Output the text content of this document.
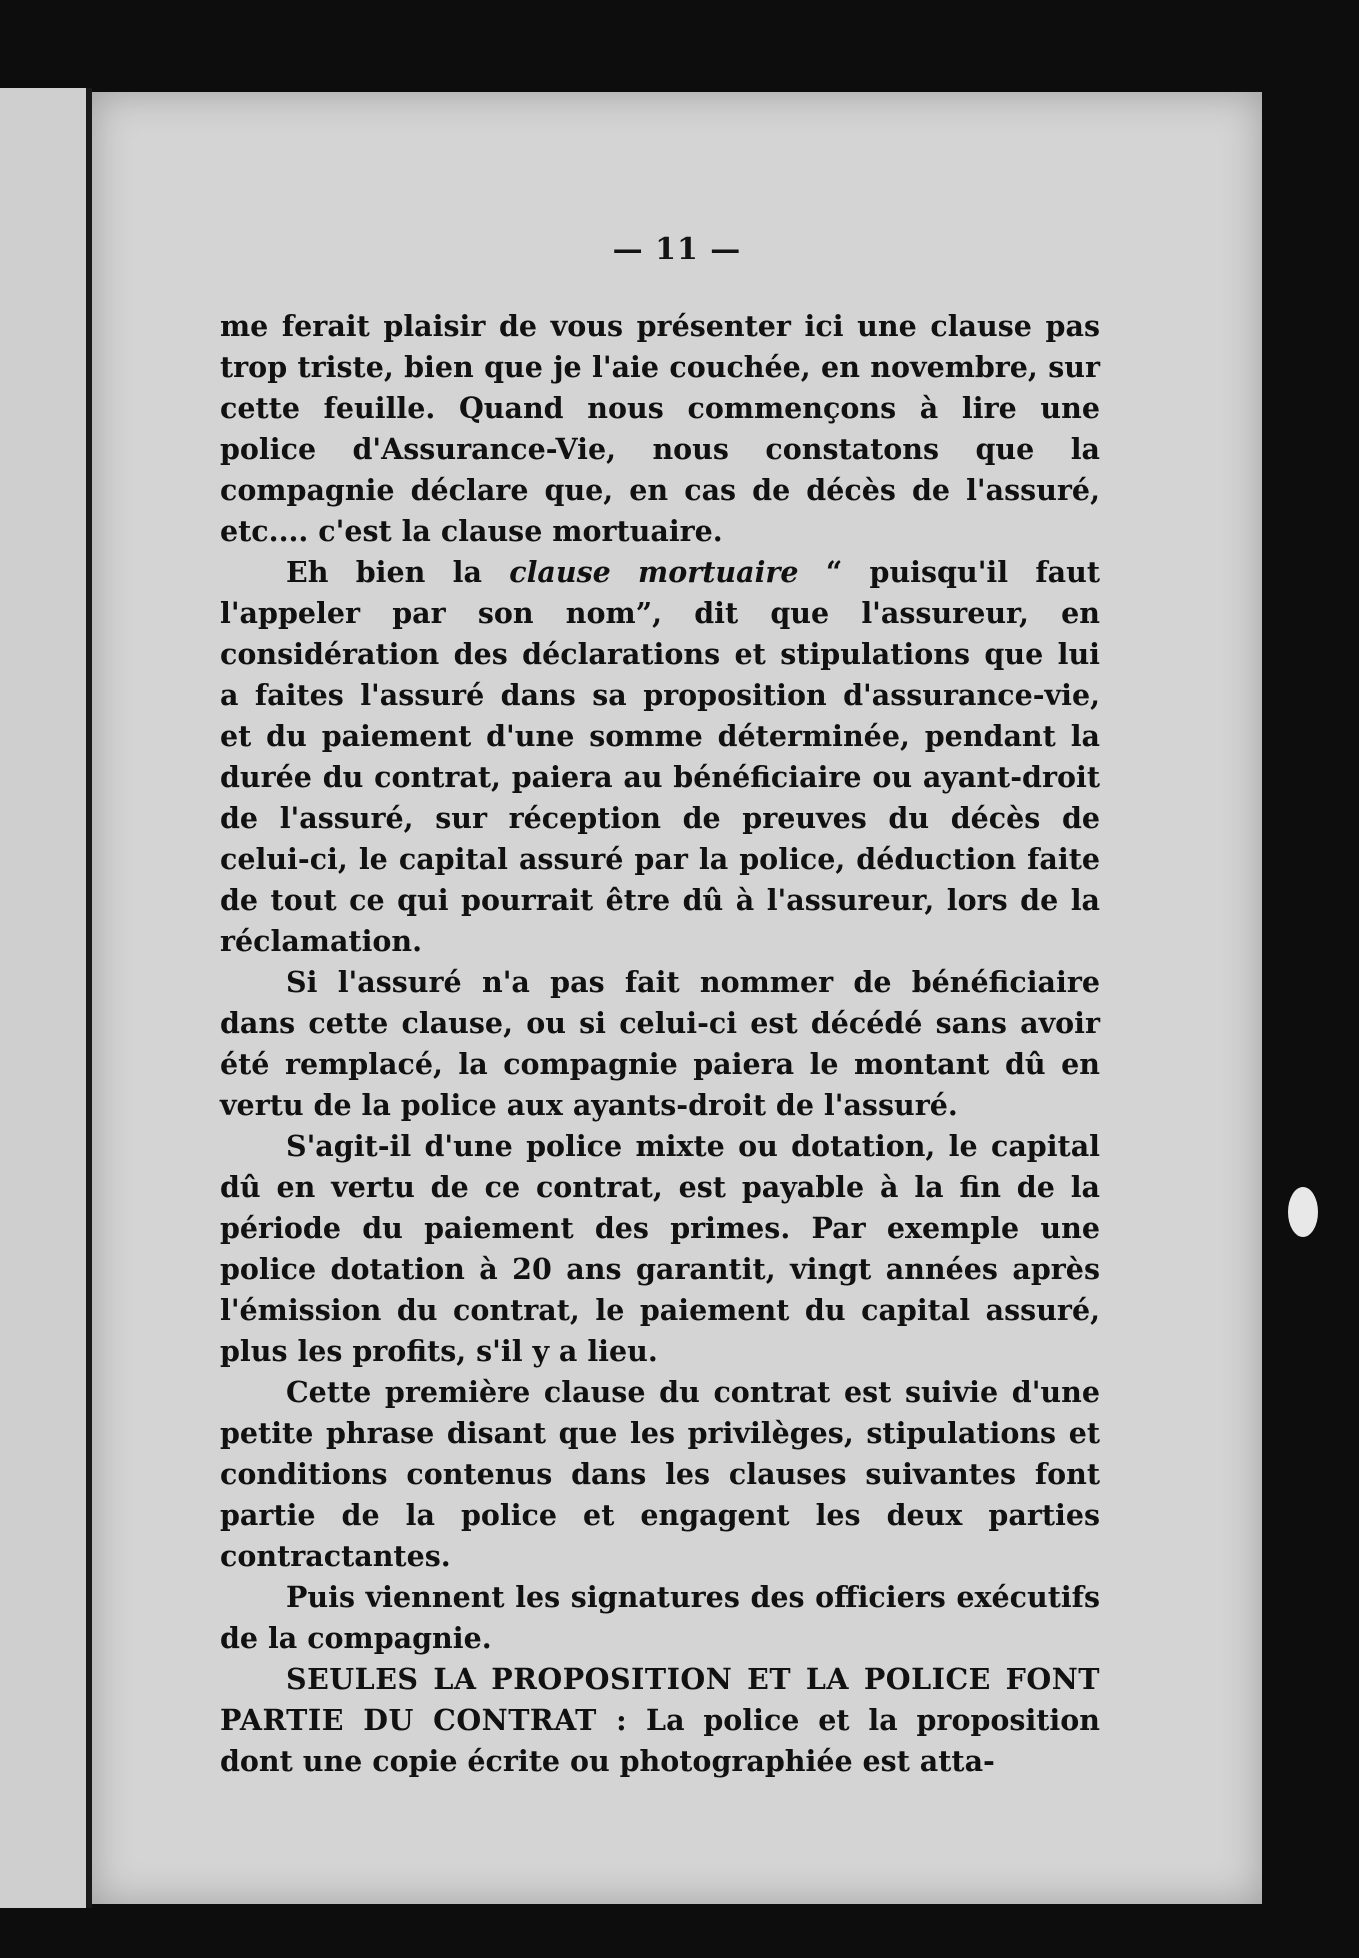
— 11 —

me ferait plaisir de vous présenter ici une clause pas trop triste, bien que je l'aie couchée, en novembre, sur cette feuille. Quand nous commençons à lire une police d'Assurance-Vie, nous constatons que la compagnie déclare que, en cas de décès de l'assuré, etc.... c'est la clause mortuaire.

Eh bien la clause mortuaire “ puisqu'il faut l'appeler par son nom”, dit que l'assureur, en considération des déclarations et stipulations que lui a faites l'assuré dans sa proposition d'assurance-vie, et du paiement d'une somme déterminée, pendant la durée du contrat, paiera au bénéficiaire ou ayant-droit de l'assuré, sur réception de preuves du décès de celui-ci, le capital assuré par la police, déduction faite de tout ce qui pourrait être dû à l'assureur, lors de la réclamation.

Si l'assuré n'a pas fait nommer de bénéficiaire dans cette clause, ou si celui-ci est décédé sans avoir été remplacé, la compagnie paiera le montant dû en vertu de la police aux ayants-droit de l'assuré.

S'agit-il d'une police mixte ou dotation, le capital dû en vertu de ce contrat, est payable à la fin de la période du paiement des primes. Par exemple une police dotation à 20 ans garantit, vingt années après l'émission du contrat, le paiement du capital assuré, plus les profits, s'il y a lieu.

Cette première clause du contrat est suivie d'une petite phrase disant que les privilèges, stipulations et conditions contenus dans les clauses suivantes font partie de la police et engagent les deux parties contractantes.

Puis viennent les signatures des officiers exécutifs de la compagnie.

SEULES LA PROPOSITION ET LA POLICE FONT PARTIE DU CONTRAT : La police et la proposition dont une copie écrite ou photographiée est atta-
